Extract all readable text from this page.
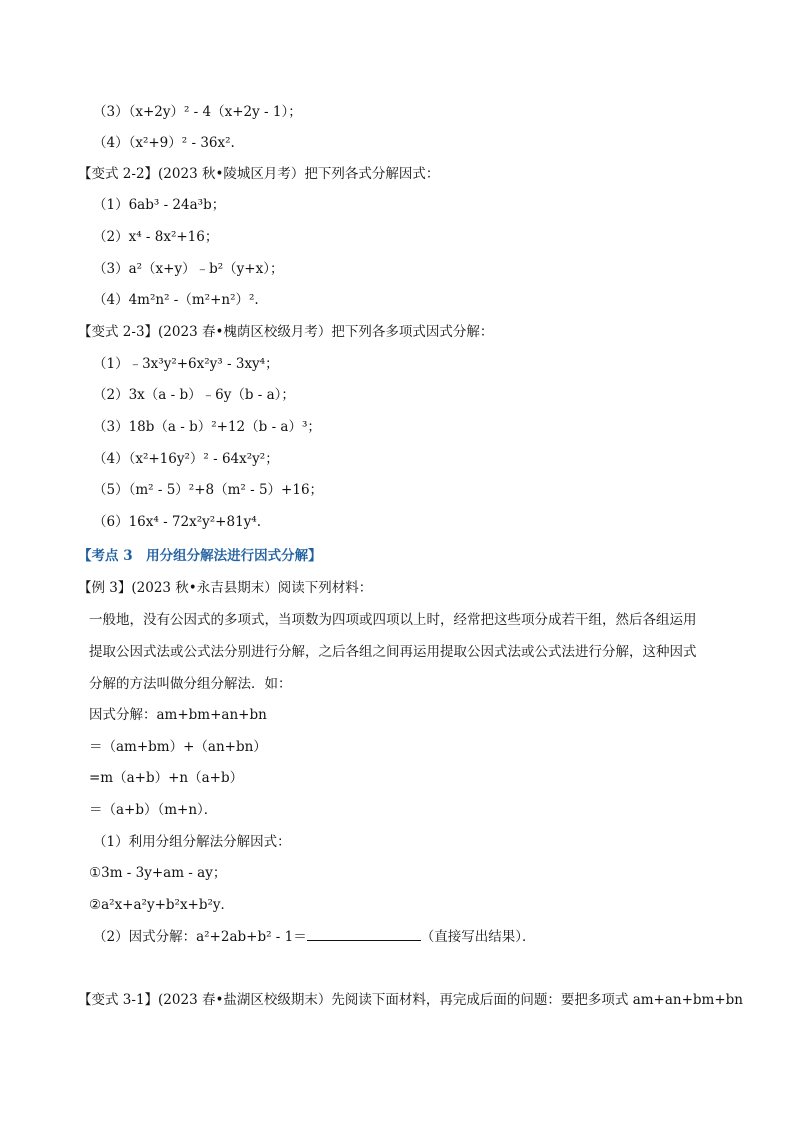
（3）（x+2y）² - 4（x+2y - 1）；
（4）（x²+9）² - 36x².
【变式 2-2】(2023 秋•陵城区月考）把下列各式分解因式：
（1）6ab³ - 24a³b；
（2）x⁴ - 8x²+16；
（3）a²（x+y）﹣b²（y+x）；
（4）4m²n² -（m²+n²）².
【变式 2-3】(2023 春•槐荫区校级月考）把下列各多项式因式分解：
（1）﹣3x³y²+6x²y³ - 3xy⁴；
（2）3x（a - b）﹣6y（b - a）；
（3）18b（a - b）²+12（b - a）³；
（4）（x²+16y²）² - 64x²y²；
（5）（m² - 5）²+8（m² - 5）+16；
（6）16x⁴ - 72x²y²+81y⁴.
【考点 3　用分组分解法进行因式分解】
【例 3】(2023 秋•永吉县期末）阅读下列材料：
一般地，没有公因式的多项式，当项数为四项或四项以上时，经常把这些项分成若干组，然后各组运用
提取公因式法或公式法分别进行分解，之后各组之间再运用提取公因式法或公式法进行分解，这种因式
分解的方法叫做分组分解法．如：
因式分解：am+bm+an+bn
＝（am+bm）+（an+bn）
=m（a+b）+n（a+b）
＝（a+b）（m+n）．
（1）利用分组分解法分解因式：
①3m - 3y+am - ay；
②a²x+a²y+b²x+b²y．
（2）因式分解：a²+2ab+b² - 1＝	（直接写出结果）．
【变式 3-1】(2023 春•盐湖区校级期末）先阅读下面材料，再完成后面的问题：要把多项式 am+an+bm+bn
